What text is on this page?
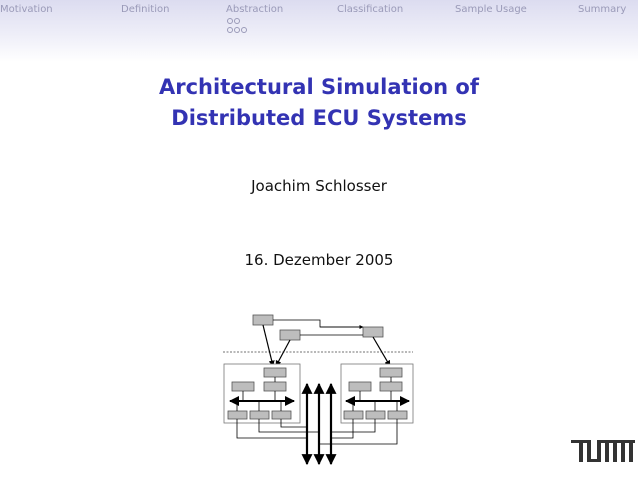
Motivation	Definition	Abstraction	Classification	Sample Usage	Summary
Architectural Simulation of
Distributed ECU Systems
Joachim Schlosser
16. Dezember 2005
